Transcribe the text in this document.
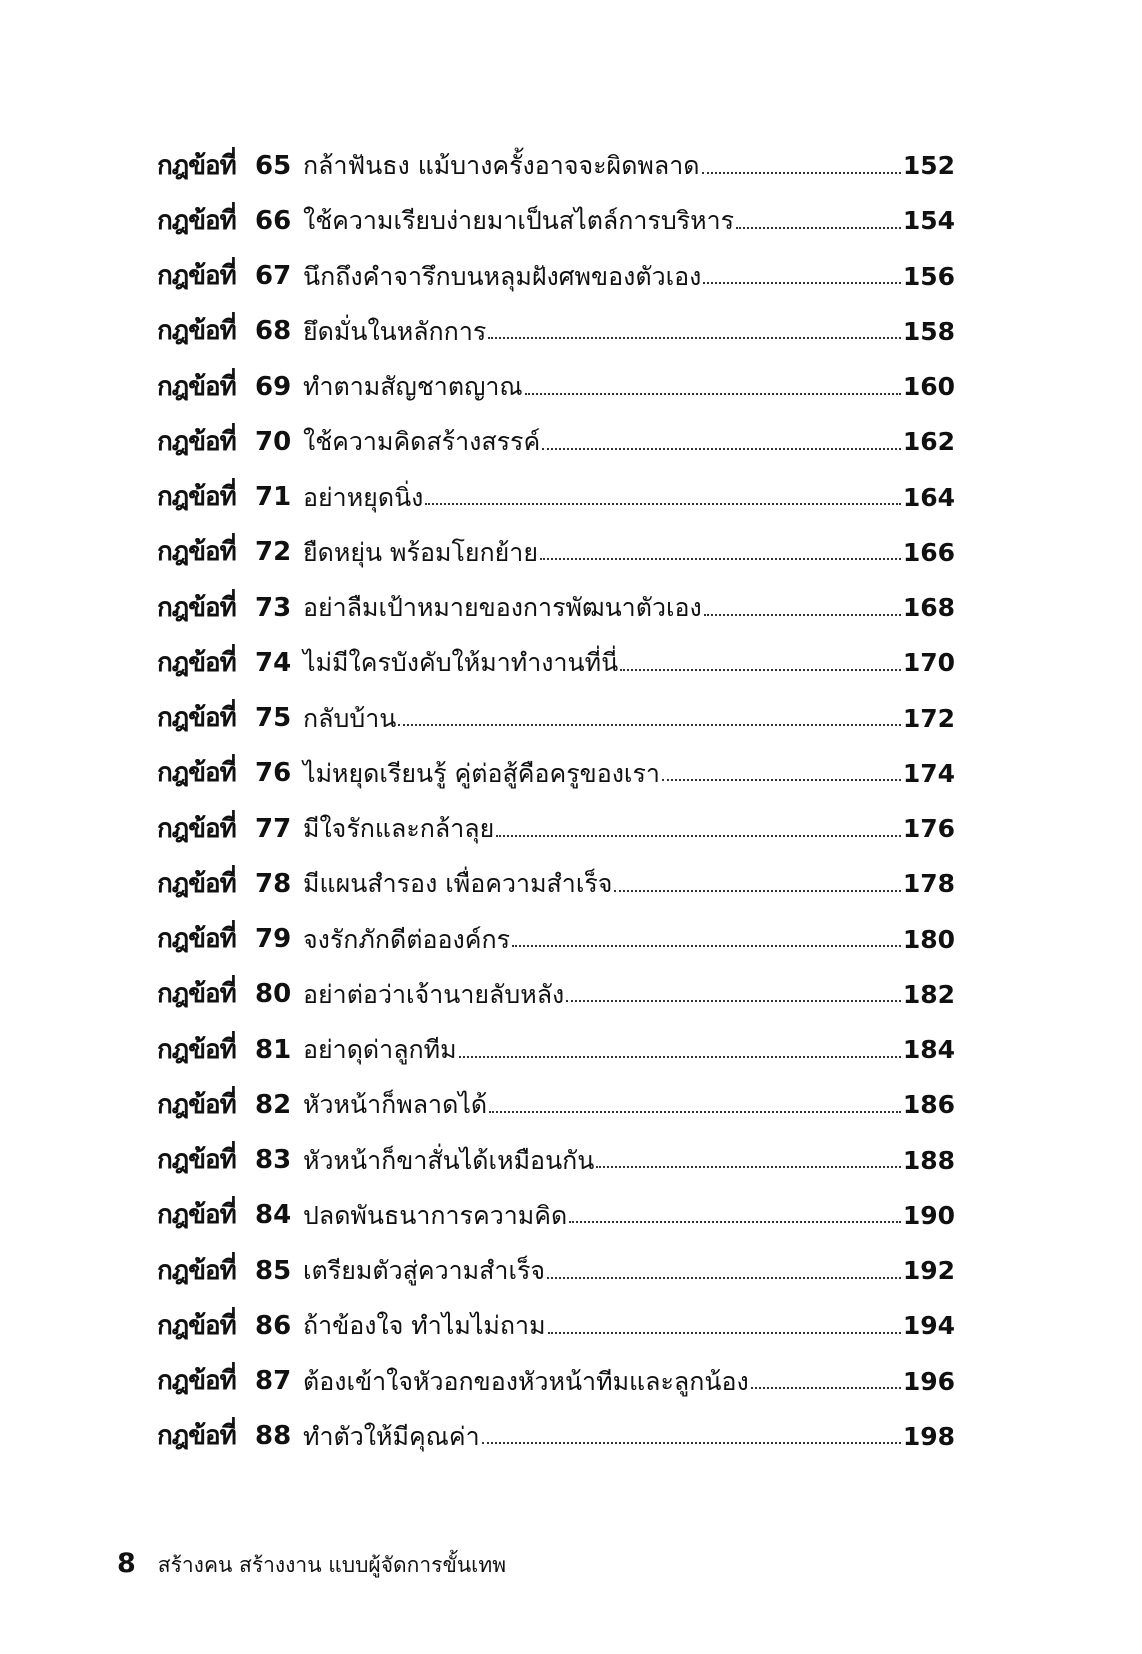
กฎข้อที่ 65 กล้าฟันธง แม้บางครั้งอาจจะผิดพลาด	152
กฎข้อที่ 66 ใช้ความเรียบง่ายมาเป็นสไตล์การบริหาร	154
กฎข้อที่ 67 นึกถึงคำจารึกบนหลุมฝังศพของตัวเอง	156
กฎข้อที่ 68 ยึดมั่นในหลักการ	158
กฎข้อที่ 69 ทำตามสัญชาตญาณ	160
กฎข้อที่ 70 ใช้ความคิดสร้างสรรค์	162
กฎข้อที่ 71 อย่าหยุดนิ่ง	164
กฎข้อที่ 72 ยืดหยุ่น พร้อมโยกย้าย	166
กฎข้อที่ 73 อย่าลืมเป้าหมายของการพัฒนาตัวเอง	168
กฎข้อที่ 74 ไม่มีใครบังคับให้มาทำงานที่นี่	170
กฎข้อที่ 75 กลับบ้าน	172
กฎข้อที่ 76 ไม่หยุดเรียนรู้ คู่ต่อสู้คือครูของเรา	174
กฎข้อที่ 77 มีใจรักและกล้าลุย	176
กฎข้อที่ 78 มีแผนสำรอง เพื่อความสำเร็จ	178
กฎข้อที่ 79 จงรักภักดีต่อองค์กร	180
กฎข้อที่ 80 อย่าต่อว่าเจ้านายลับหลัง	182
กฎข้อที่ 81 อย่าดุด่าลูกทีม	184
กฎข้อที่ 82 หัวหน้าก็พลาดได้	186
กฎข้อที่ 83 หัวหน้าก็ขาสั่นได้เหมือนกัน	188
กฎข้อที่ 84 ปลดพันธนาการความคิด	190
กฎข้อที่ 85 เตรียมตัวสู่ความสำเร็จ	192
กฎข้อที่ 86 ถ้าข้องใจ ทำไมไม่ถาม	194
กฎข้อที่ 87 ต้องเข้าใจหัวอกของหัวหน้าทีมและลูกน้อง	196
กฎข้อที่ 88 ทำตัวให้มีคุณค่า	198
8 สร้างคน สร้างงาน แบบผู้จัดการขั้นเทพ
